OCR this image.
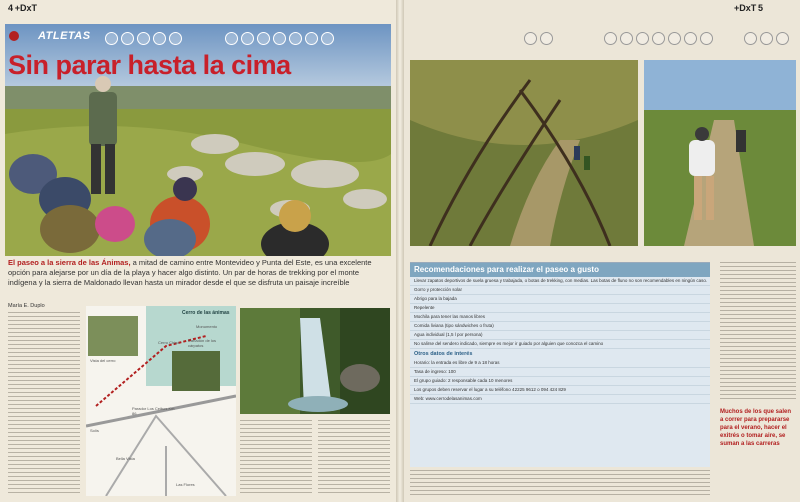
4 +DxT
ATLETAS
Sin parar hasta la cima
El paseo a la sierra de las Ánimas, a mitad de camino entre Montevideo y Punta del Este, es una excelente opción para alejarse por un día de la playa y hacer algo distinto. Un par de horas de trekking por el monte indígena y la sierra de Maldonado llevan hasta un mirador desde el que se disfruta un paisaje increíble
María E. Duplo
Cerro de las ánimas
Monumento
Cerro Chico Cañadón de los cárpatos
Parador Los Ceibos Km 86
Solís
Bella Vista
Las Flores
Vista del cerro
+DxT 5
Recomendaciones para realizar el paseo a gusto
Llevar zapatos deportivos de suela gruesa y trabajada, o botas de trekking, con medias. Las botas de fluno no son recomendables en ningún caso.
Gorro y protección solar
Abrigo para la bajada
Repelente
Mochila para tener las manos libres
Comida liviana (tipo sándwiches o fruta)
Agua individual (1,5 l por persona)
No salirse del sendero indicado, siempre es mejor ir guiado por alguien que conozca el camino
Otros datos de interés
Horario: la entrada es libre de 9 a 18 horas
Tasa de ingreso: 100
El grupo guiado: 2 responsable cada 10 menores
Los grupos deben reservar el lugar a su teléfono 42225 9612 o 094 424 829
Web: www.cerrodelasanimas.com
Muchos de los que salen a correr para prepararse para el verano, hacer el exitrés o tomar aire, se suman a las carreras
